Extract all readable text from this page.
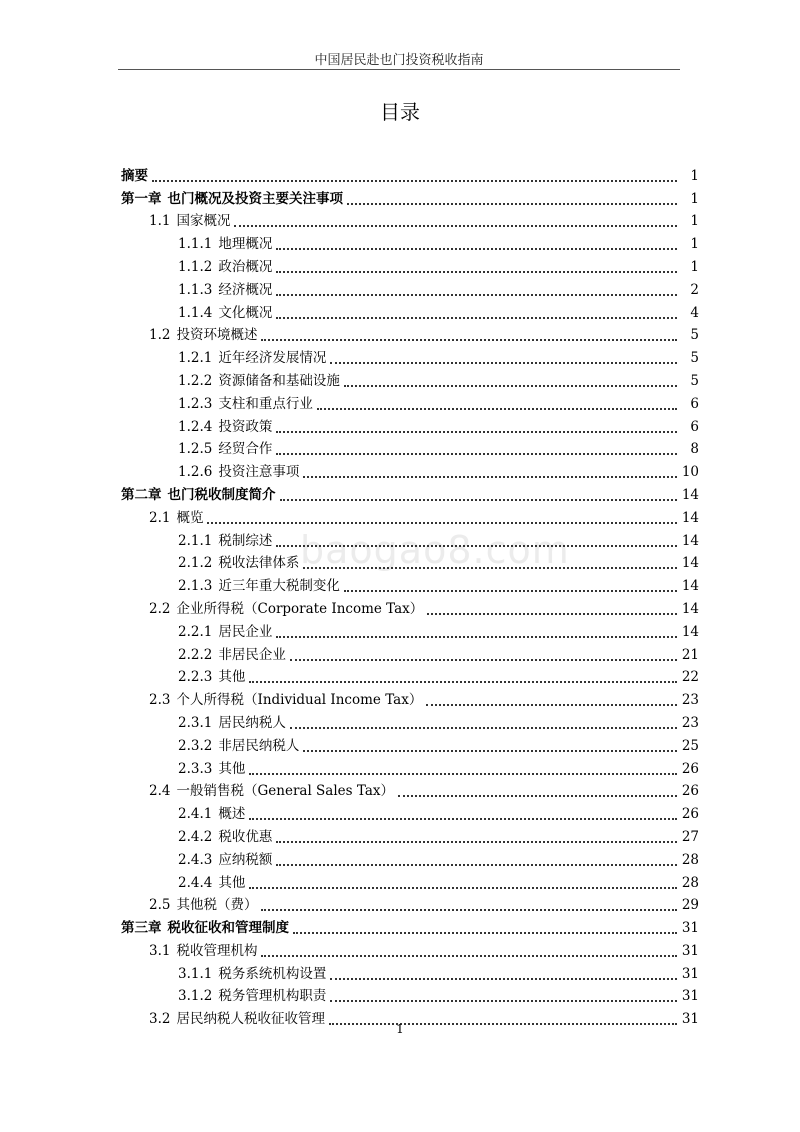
中国居民赴也门投资税收指南
目录
baogao8.com
摘要	1
第一章 也门概况及投资主要关注事项	1
1.1 国家概况	1
1.1.1 地理概况	1
1.1.2 政治概况	1
1.1.3 经济概况	2
1.1.4 文化概况	4
1.2 投资环境概述	5
1.2.1 近年经济发展情况	5
1.2.2 资源储备和基础设施	5
1.2.3 支柱和重点行业	6
1.2.4 投资政策	6
1.2.5 经贸合作	8
1.2.6 投资注意事项	10
第二章 也门税收制度简介	14
2.1 概览	14
2.1.1 税制综述	14
2.1.2 税收法律体系	14
2.1.3 近三年重大税制变化	14
2.2 企业所得税（Corporate Income Tax）	14
2.2.1 居民企业	14
2.2.2 非居民企业	21
2.2.3 其他	22
2.3 个人所得税（Individual Income Tax）	23
2.3.1 居民纳税人	23
2.3.2 非居民纳税人	25
2.3.3 其他	26
2.4 一般销售税（General Sales Tax）	26
2.4.1 概述	26
2.4.2 税收优惠	27
2.4.3 应纳税额	28
2.4.4 其他	28
2.5 其他税（费）	29
第三章 税收征收和管理制度	31
3.1 税收管理机构	31
3.1.1 税务系统机构设置	31
3.1.2 税务管理机构职责	31
3.2 居民纳税人税收征收管理	31
1
